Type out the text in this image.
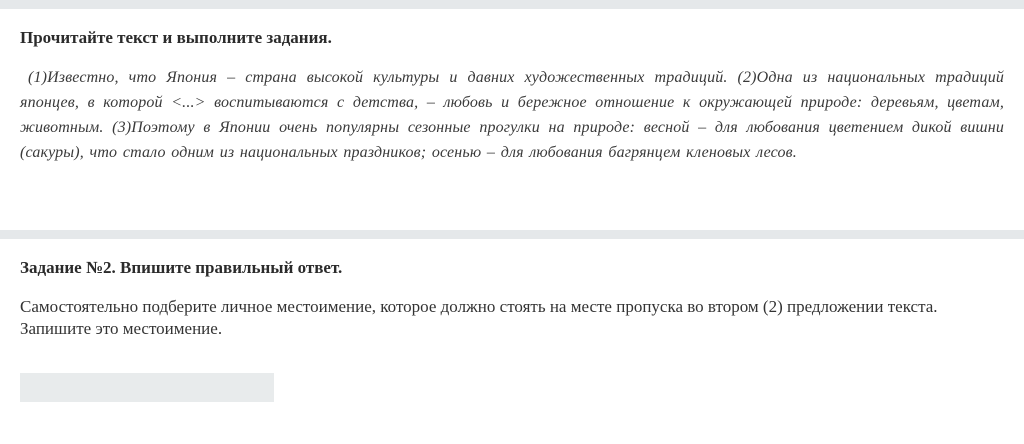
Прочитайте текст и выполните задания.

(1)Известно, что Япония – страна высокой культуры и давних художественных традиций. (2)Одна из национальных традиций японцев, в которой <...> воспитываются с детства, – любовь и бережное отношение к окружающей природе: деревьям, цветам, животным. (3)Поэтому в Японии очень популярны сезонные прогулки на природе: весной – для любования цветением дикой вишни (сакуры), что стало одним из национальных праздников; осенью – для любования багрянцем кленовых лесов.

Задание №2. Впишите правильный ответ.

Самостоятельно подберите личное местоимение, которое должно стоять на месте пропуска во втором (2) предложении текста. Запишите это местоимение.
